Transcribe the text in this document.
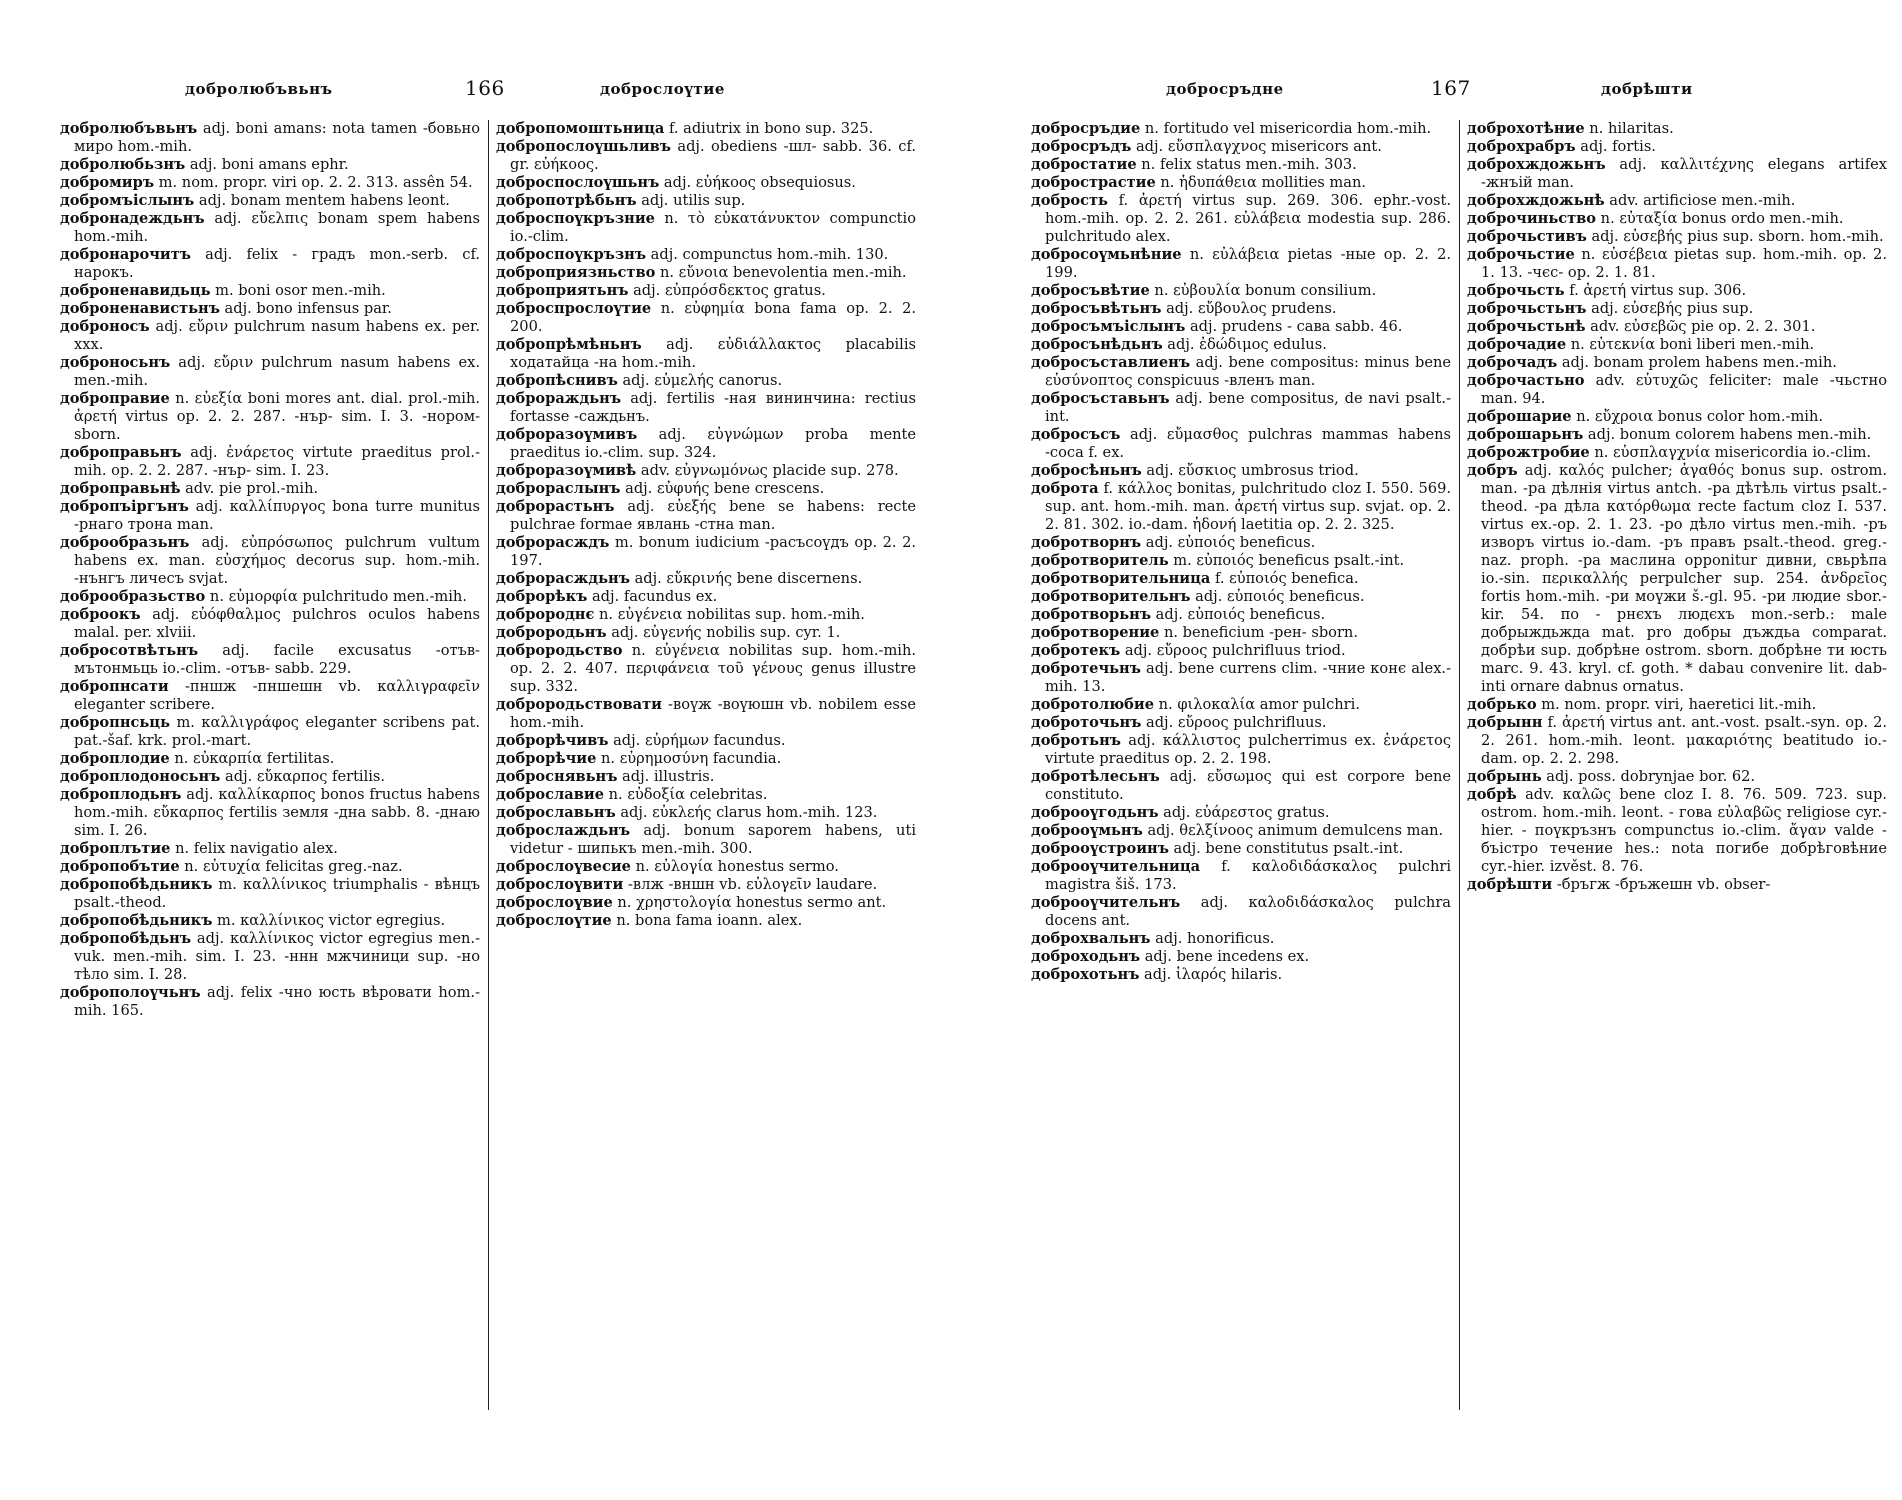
добролюбъвьнъ	166	доброслоүтие
добролюбъвьнъ adj. boni amans: nota tamen -бовьно миро hom.-mih.
добролюбьзнъ adj. boni amans ephr.
добромиръ m. nom. propr. viri op. 2. 2. 313. assên 54.
добромъіслынъ adj. bonam mentem habens leont.
добронадеждьнъ adj. εὔελπις bonam spem habens hom.-mih.
добронарочитъ adj. felix - градъ mon.-serb. cf. нарокъ.
доброненавидьць m. boni osor men.-mih.
доброненавистьнъ adj. bono infensus par.
доброносъ adj. εὔριν pulchrum nasum habens ex. per. xxx.
доброносьнъ adj. εὔριν pulchrum nasum habens ex. men.-mih.
доброправие n. εὐεξία boni mores ant. dial. prol.-mih. ἀρετή virtus op. 2. 2. 287. -нър- sim. I. 3. -нором- sborn.
доброправьнъ adj. ἐνάρετος virtute praeditus prol.-mih. op. 2. 2. 287. -нър- sim. I. 23.
доброправьнѣ adv. pie prol.-mih.
добропъіргънъ adj. καλλίπυργος bona turre munitus -рнаго трона man.
доброобразьнъ adj. εὐπρόσωπος pulchrum vultum habens ex. man. εὐσχήμος decorus sup. hom.-mih. -нънгъ личесъ svjat.
доброобразьство n. εὐμορφία pulchritudo men.-mih.
доброокъ adj. εὐόφθαλμος pulchros oculos habens malal. per. xlviii.
добросотвѣтьнъ adj. facile excusatus -отъв- мътонмьць io.-clim. -отъв- sabb. 229.
добропнсати -пншж -пншешн vb. καλλιγραφεῖν eleganter scribere.
добропнсьць m. καλλιγράφος eleganter scribens pat. pat.-šaf. krk. prol.-mart.
доброплодие n. εὐκαρπία fertilitas.
доброплодоносьнъ adj. εὔκαρπος fertilis.
доброплодьнъ adj. καλλίκαρπος bonos fructus habens hom.-mih. εὔκαρπος fertilis земля -дна sabb. 8. -днаю sim. I. 26.
доброплътие n. felix navigatio alex.
добропобътие n. εὐτυχία felicitas greg.-naz.
добропобѣдьникъ m. καλλίνικος triumphalis - вѣнцъ psalt.-theod.
добропобѣдьникъ m. καλλίνικος victor egregius.
добропобѣдьнъ adj. καλλίνικος victor egregius men.-vuk. men.-mih. sim. I. 23. -ннн мжчиници sup. -но тѣло sim. I. 28.
доброполоүчьнъ adj. felix -чно юсть вѣровати hom.-mih. 165.
добропомоштьница f. adiutrix in bono sup. 325.
добропослоүшьливъ adj. obediens -шл- sabb. 36. cf. gr. εὐήκοος.
доброспослоүшьнъ adj. εὐήκοος obsequiosus.
добропотрѣбьнъ adj. utilis sup.
доброспоүкръзние n. τὸ εὐκατάνυκτον compunctio io.-clim.
доброспоүкръзнъ adj. compunctus hom.-mih. 130.
доброприязньство n. εὔνοια benevolentia men.-mih.
доброприятьнъ adj. εὐπρόσδεκτος gratus.
доброспрослоүтие n. εὐφημία bona fama op. 2. 2. 200.
добропрѣмѣньнъ adj. εὐδιάλλακτος placabilis ходатайца -на hom.-mih.
добропѣснивъ adj. εὐμελής canorus.
доброраждьнъ adj. fertilis -ная вининчина: rectius fortasse -саждьнъ.
доброразоүмивъ adj. εὐγνώμων proba mente praeditus io.-clim. sup. 324.
доброразоүмивѣ adv. εὐγνωμόνως placide sup. 278.
доброраслынъ adj. εὐφυής bene crescens.
доброрастьнъ adj. εὐεξής bene se habens: recte pulchrae formae явлань -стна man.
доброрасждъ m. bonum iudicium -расъсоүдъ op. 2. 2. 197.
доброрасждьнъ adj. εὔκρινής bene discernens.
доброрѣкъ adj. facundus ex.
добророднє n. εὐγένεια nobilitas sup. hom.-mih.
доброродьнъ adj. εὐγενής nobilis sup. cyr. 1.
доброродьство n. εὐγένεια nobilitas sup. hom.-mih. op. 2. 2. 407. περιφάνεια τοῦ γένους genus illustre sup. 332.
доброродьствовати -воүж -воүюшн vb. nobilem esse hom.-mih.
доброрѣчивъ adj. εὐρήμων facundus.
доброрѣчие n. εὐρημοσύνη facundia.
доброснявьнъ adj. illustris.
доброславие n. εὐδοξία celebritas.
доброславьнъ adj. εὐκλεής clarus hom.-mih. 123.
доброслаждьнъ adj. bonum saporem habens, uti videtur - шипькъ men.-mih. 300.
доброслоүвесие n. εὐλογία honestus sermo.
доброслоүвити -влж -вншн vb. εὐλογεῖν laudare.
доброслоүвие n. χρηστολογία honestus sermo ant.
доброслоүтие n. bona fama ioann. alex.
добросръдне	167	добрѣшти
добросръдие n. fortitudo vel misericordia hom.-mih.
добросръдъ adj. εὔσπλαγχνος misericors ant.
добростатие n. felix status men.-mih. 303.
добростраcтие n. ἡδυπάθεια mollities man.
доброcть f. ἀρετή virtus sup. 269. 306. ephr.-vost. hom.-mih. op. 2. 2. 261. εὐλάβεια modestia sup. 286. pulchritudo alex.
добросоүмьнѣние n. εὐλάβεια pietas -ные op. 2. 2. 199.
добросъвѣтие n. εὐβουλία bonum consilium.
добросъвѣтьнъ adj. εὔβουλος prudens.
добросъмъіслынъ adj. prudens - сава sabb. 46.
добросънѣдьнъ adj. ἐδώδιμος edulus.
добросъставлиенъ adj. bene compositus: minus bene εὐσύνοπτος conspicuus -вленъ man.
добросъставьнъ adj. bene compositus, de navi psalt.-int.
добросъсъ adj. εὔμασθος pulchras mammas habens -сосa f. ex.
добросѣньнъ adj. εὔσκιος umbrosus triod.
доброта f. κάλλος bonitas, pulchritudo cloz I. 550. 569. sup. ant. hom.-mih. man. ἀρετή virtus sup. svjat. op. 2. 2. 81. 302. io.-dam. ἡδονή laetitia op. 2. 2. 325.
добротворнъ adj. εὐποιός beneficus.
добротворитель m. εὐποιός beneficus psalt.-int.
добротворительница f. εὐποιός benefica.
добротворительнъ adj. εὐποιός beneficus.
добротворьнъ adj. εὐποιός beneficus.
добротворение n. beneficium -рен- sborn.
добротекъ adj. εὔροος pulchrifluus triod.
добротечьнъ adj. bene currens clim. -чние конє alex.-mih. 13.
добротолюбие n. φιλοκαλία amor pulchri.
доброточьнъ adj. εὔροος pulchrifluus.
добротьнъ adj. κάλλιστος pulcherrimus ex. ἐνάρετος virtute praeditus op. 2. 2. 198.
добротѣлесьнъ adj. εὔσωμος qui est corpore bene constituto.
доброоүгодьнъ adj. εὐάρεστος gratus.
доброоүмьнъ adj. θελξίνοος animum demulcens man.
доброоүстроинъ adj. bene constitutus psalt.-int.
доброоүчительница f. καλοδιδάσκαλος pulchri magistra šiš. 173.
доброоүчительнъ adj. καλοδιδάσκαλος pulchra docens ant.
доброхвальнъ adj. honorificus.
доброходьнъ adj. bene incedens ex.
доброхотьнъ adj. ἱλαρός hilaris.
доброхотѣние n. hilaritas.
доброхрабръ adj. fortis.
доброхждожьнъ adj. καλλιτέχνης elegans artifex -жнъій man.
доброхждожьнѣ adv. artificiose men.-mih.
доброчиньство n. εὐταξία bonus ordo men.-mih.
доброчьстивъ adj. εὐσεβής pius sup. sborn. hom.-mih.
доброчьстие n. εὐσέβεια pietas sup. hom.-mih. op. 2. 1. 13. -чєс- op. 2. 1. 81.
доброчьсть f. ἀρετή virtus sup. 306.
доброчьстьнъ adj. εὐσεβής pius sup.
доброчьстьнѣ adv. εὐσεβῶς pie op. 2. 2. 301.
доброчадие n. εὐτεκνία boni liberi men.-mih.
доброчадъ adj. bonam prolem habens men.-mih.
доброчастьно adv. εὐτυχῶς feliciter: male -чьстно man. 94.
доброшарие n. εὔχροια bonus color hom.-mih.
доброшарьнъ adj. bonum colorem habens men.-mih.
доброжтробие n. εὐσπλαγχνία misericordia io.-clim.
добръ adj. καλός pulcher; ἀγαθός bonus sup. ostrom. man. -ра дѣлнія virtus antch. -ра дѣтѣль virtus psalt.-theod. -ра дѣла κατόρθωμα recte factum cloz I. 537. virtus ex.-op. 2. 1. 23. -ро дѣло virtus men.-mih. -ръ изворъ virtus io.-dam. -ръ правъ psalt.-theod. greg.-naz. proph. -ра маслина opponitur дивни, свьрѣпа io.-sin. περικαλλής perpulcher sup. 254. ἀνδρεῖος fortis hom.-mih. -ри моүжи š.-gl. 95. -ри людие sbor.-kir. 54. по - рнєхъ людєхъ mon.-serb.: male добрыждьжда mat. pro добры дъждьа comparat. добрѣи sup. добрѣне ostrom. sborn. добрѣне ти юсть marc. 9. 43. kryl. cf. goth. * dabau convenire lit. dab-inti ornare dabnus ornatus.
добрько m. nom. propr. viri, haeretici lit.-mih.
добрынн f. ἀρετή virtus ant. ant.-vost. psalt.-syn. op. 2. 2. 261. hom.-mih. leont. μακαριότης beatitudo io.-dam. op. 2. 2. 298.
добрынь adj. poss. dobrynjae bor. 62.
добрѣ adv. καλῶς bene cloz I. 8. 76. 509. 723. sup. ostrom. hom.-mih. leont. - гова εὐλαβῶς religiose cyr.-hier. - поүкръзнъ compunctus io.-clim. ἄγαν valde - бъістро течение hes.: nota погибе добрѣговѣние cyr.-hier. izvěst. 8. 76.
добрѣшти -бръгж -бръжешн vb. obser-
